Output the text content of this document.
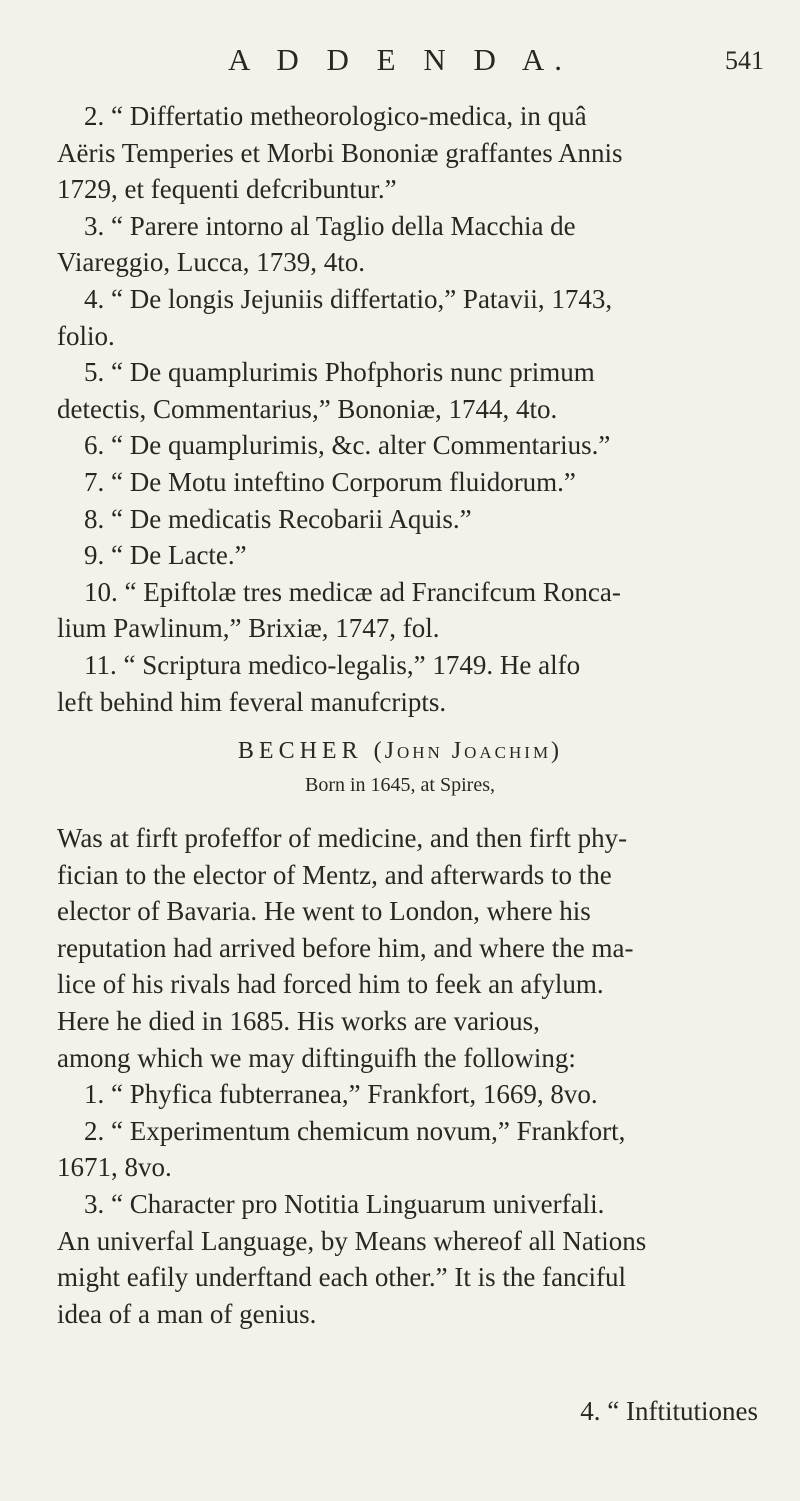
A D D E N D A.	541
2. “ Differtatio metheorologico-medica, in quâ
Aëris Temperies et Morbi Bononiæ graffantes Annis
1729, et fequenti defcribuntur.”
3. “ Parere intorno al Taglio della Macchia de
Viareggio, Lucca, 1739, 4to.
4. “ De longis Jejuniis differtatio,” Patavii, 1743,
folio.
5. “ De quamplurimis Phofphoris nunc primum
detectis, Commentarius,” Bononiæ, 1744, 4to.
6. “ De quamplurimis, &c. alter Commentarius.”
7. “ De Motu inteftino Corporum fluidorum.”
8. “ De medicatis Recobarii Aquis.”
9. “ De Lacte.”
10. “ Epiftolæ tres medicæ ad Francifcum Ronca-
lium Pawlinum,” Brixiæ, 1747, fol.
11. “ Scriptura medico-legalis,” 1749. He alfo
left behind him feveral manufcripts.
BECHER (John Joachim)
Born in 1645, at Spires,
Was at firft profeffor of medicine, and then firft phy-
fician to the elector of Mentz, and afterwards to the
elector of Bavaria. He went to London, where his
reputation had arrived before him, and where the ma-
lice of his rivals had forced him to feek an afylum.
Here he died in 1685. His works are various,
among which we may diftinguifh the following:
1. “ Phyfica fubterranea,” Frankfort, 1669, 8vo.
2. “ Experimentum chemicum novum,” Frankfort,
1671, 8vo.
3. “ Character pro Notitia Linguarum univerfali.
An univerfal Language, by Means whereof all Nations
might eafily underftand each other.” It is the fanciful
idea of a man of genius.
4. “ Inftitutiones
